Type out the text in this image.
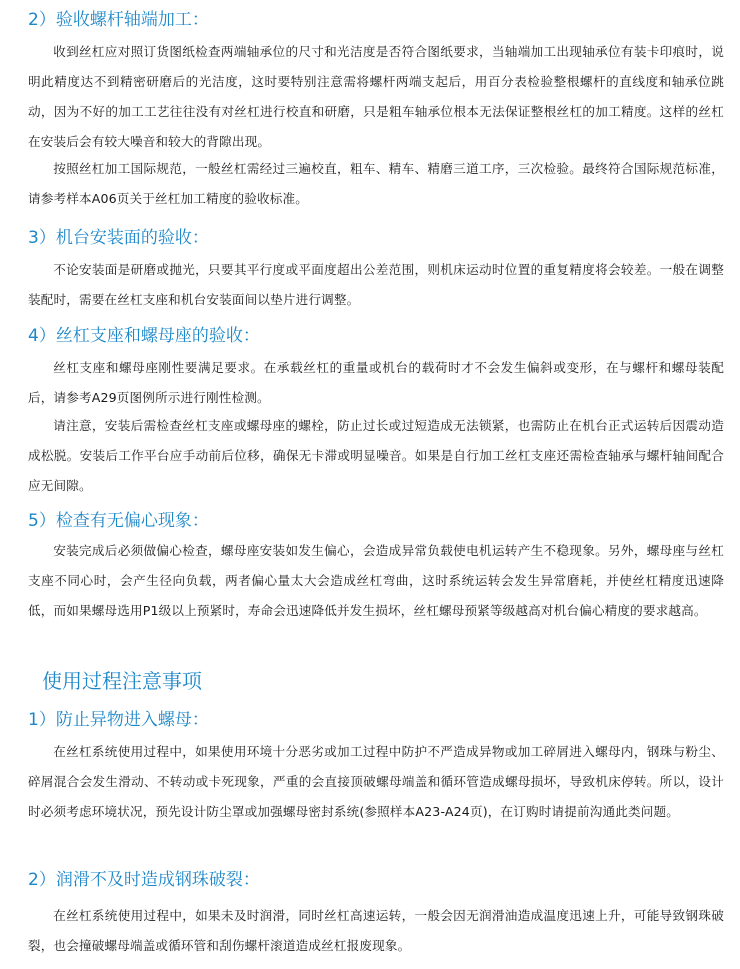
2）验收螺杆轴端加工：

收到丝杠应对照订货图纸检查两端轴承位的尺寸和光洁度是否符合图纸要求，当轴端加工出现轴承位有装卡印痕时，说明此精度达不到精密研磨后的光洁度，这时要特别注意需将螺杆两端支起后，用百分表检验整根螺杆的直线度和轴承位跳动，因为不好的加工工艺往往没有对丝杠进行校直和研磨，只是粗车轴承位根本无法保证整根丝杠的加工精度。这样的丝杠在安装后会有较大噪音和较大的背隙出现。

按照丝杠加工国际规范，一般丝杠需经过三遍校直，粗车、精车、精磨三道工序，三次检验。最终符合国际规范标准，请参考样本A06页关于丝杠加工精度的验收标准。

3）机台安装面的验收：

不论安装面是研磨或抛光，只要其平行度或平面度超出公差范围，则机床运动时位置的重复精度将会较差。一般在调整装配时，需要在丝杠支座和机台安装面间以垫片进行调整。

4）丝杠支座和螺母座的验收：

丝杠支座和螺母座刚性要满足要求。在承载丝杠的重量或机台的载荷时才不会发生偏斜或变形，在与螺杆和螺母装配后，请参考A29页图例所示进行刚性检测。

请注意，安装后需检查丝杠支座或螺母座的螺栓，防止过长或过短造成无法锁紧，也需防止在机台正式运转后因震动造成松脱。安装后工作平台应手动前后位移，确保无卡滞或明显噪音。如果是自行加工丝杠支座还需检查轴承与螺杆轴间配合应无间隙。

5）检查有无偏心现象：

安装完成后必须做偏心检查，螺母座安装如发生偏心，会造成异常负载使电机运转产生不稳现象。另外，螺母座与丝杠支座不同心时，会产生径向负载，两者偏心量太大会造成丝杠弯曲，这时系统运转会发生异常磨耗，并使丝杠精度迅速降低，而如果螺母选用P1级以上预紧时，寿命会迅速降低并发生损坏，丝杠螺母预紧等级越高对机台偏心精度的要求越高。

使用过程注意事项
1）防止异物进入螺母：

在丝杠系统使用过程中，如果使用环境十分恶劣或加工过程中防护不严造成异物或加工碎屑进入螺母内，钢珠与粉尘、碎屑混合会发生滑动、不转动或卡死现象，严重的会直接顶破螺母端盖和循环管造成螺母损坏，导致机床停转。所以，设计时必须考虑环境状况，预先设计防尘罩或加强螺母密封系统(参照样本A23-A24页)，在订购时请提前沟通此类问题。

2）润滑不及时造成钢珠破裂：

在丝杠系统使用过程中，如果未及时润滑，同时丝杠高速运转，一般会因无润滑油造成温度迅速上升，可能导致钢珠破裂，也会撞破螺母端盖或循环管和刮伤螺杆滚道造成丝杠报废现象。
